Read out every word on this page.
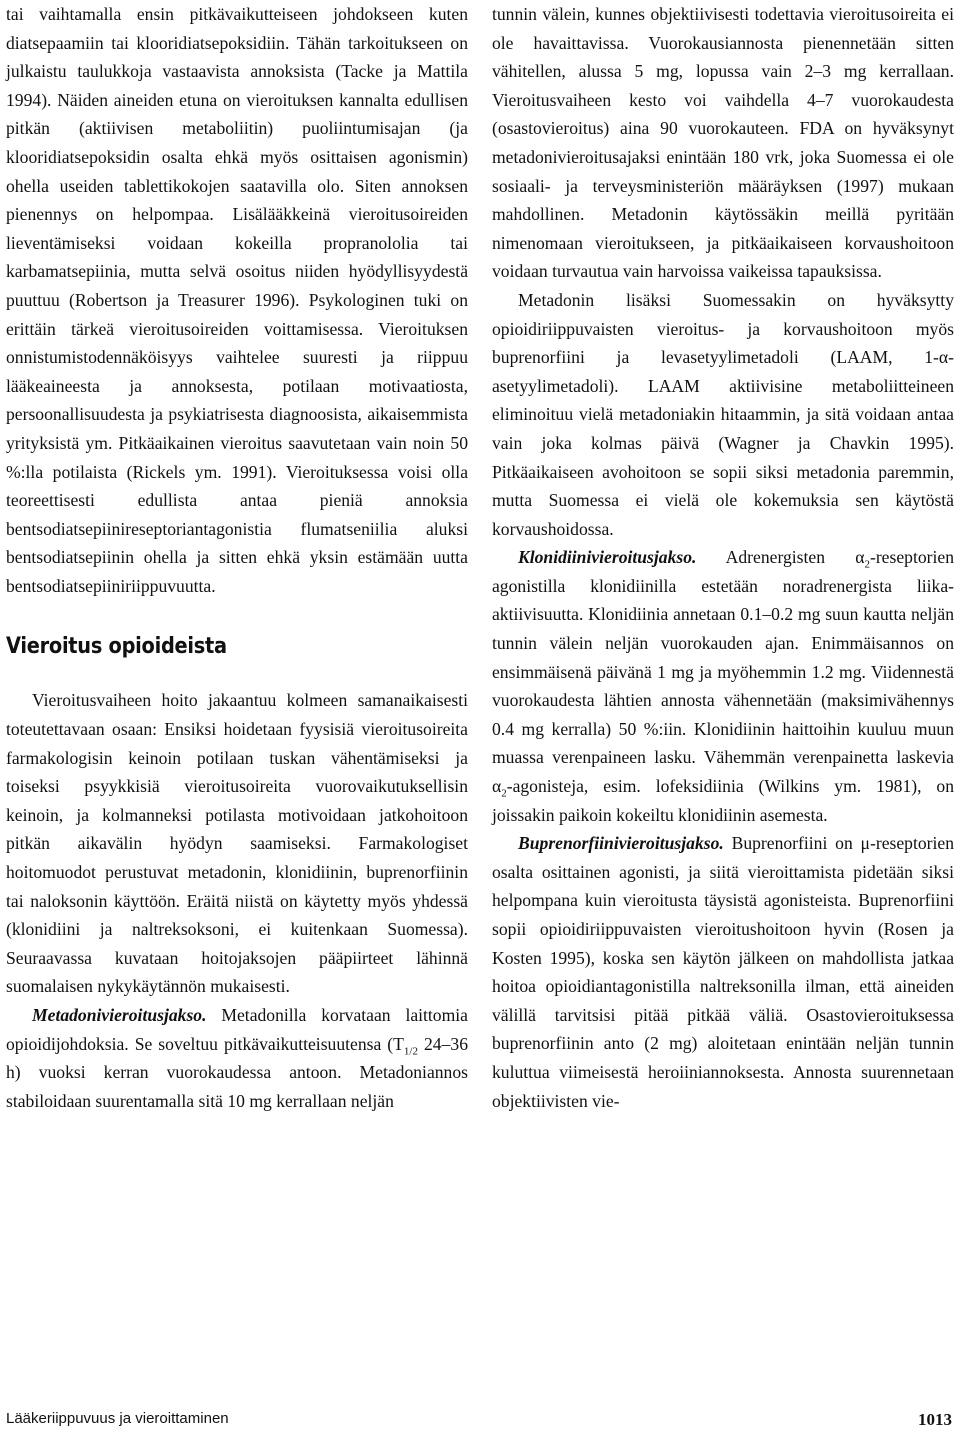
tai vaihtamalla ensin pitkävaikutteiseen johdokseen kuten diatsepaamiin tai klooridiatsepoksidiin. Tähän tarkoitukseen on julkaistu taulukkoja vastaavista annoksista (Tacke ja Mattila 1994). Näiden aineiden etuna on vieroituksen kannalta edullisen pitkän (aktiivisen metaboliitin) puoliintumisajan (ja klooridiatsepoksidin osalta ehkä myös osittaisen agonismin) ohella useiden tablettikokojen saatavilla olo. Siten annoksen pienennys on helpompaa. Lisälääkkeinä vieroitusoireiden lieventämiseksi voidaan kokeilla propranololia tai karbamatsepiinia, mutta selvä osoitus niiden hyödyllisyydestä puuttuu (Robertson ja Treasurer 1996). Psykologinen tuki on erittäin tärkeä vieroitusoireiden voittamisessa. Vieroituksen onnistumistodennäköisyys vaihtelee suuresti ja riippuu lääkeaineesta ja annoksesta, potilaan motivaatiosta, persoonallisuudesta ja psykiatrisesta diagnoosista, aikaisemmista yrityksistä ym. Pitkäaikainen vieroitus saavutetaan vain noin 50 %:lla potilaista (Rickels ym. 1991). Vieroituksessa voisi olla teoreettisesti edullista antaa pieniä annoksia bentsodiatsepiinireseptoriantagonistia flumatseniilia aluksi bentsodiatsepiinin ohella ja sitten ehkä yksin estämään uutta bentsodiatsepiiniriippuvuutta.

Vieroitus opioideista

Vieroitusvaiheen hoito jakaantuu kolmeen samanaikaisesti toteutettavaan osaan: Ensiksi hoidetaan fyysisiä vieroitusoireita farmakologisin keinoin potilaan tuskan vähentämiseksi ja toiseksi psyykkisiä vieroitusoireita vuorovaikutuksellisin keinoin, ja kolmanneksi potilasta motivoidaan jatkohoitoon pitkän aikavälin hyödyn saamiseksi. Farmakologiset hoitomuodot perustuvat metadonin, klonidiinin, buprenorfiinin tai naloksonin käyttöön. Eräitä niistä on käytetty myös yhdessä (klonidiini ja naltreksoksoni, ei kuitenkaan Suomessa). Seuraavassa kuvataan hoitojaksojen pääpiirteet lähinnä suomalaisen nykykäytännön mukaisesti.

Metadonivieroitusjakso. Metadonilla korvataan laittomia opioidijohdoksia. Se soveltuu pitkävaikutteisuutensa ($T_{1/2}$ 24–36 h) vuoksi kerran vuorokaudessa antoon. Metadoniannos stabiloidaan suurentamalla sitä 10 mg kerrallaan neljän

tunnin välein, kunnes objektiivisesti todettavia vieroitusoireita ei ole havaittavissa. Vuorokausiannosta pienennetään sitten vähitellen, alussa 5 mg, lopussa vain 2–3 mg kerrallaan. Vieroitusvaiheen kesto voi vaihdella 4–7 vuorokaudesta (osastovieroitus) aina 90 vuorokauteen. FDA on hyväksynyt metadonivieroitusajaksi enintään 180 vrk, joka Suomessa ei ole sosiaali- ja terveysministeriön määräyksen (1997) mukaan mahdollinen. Metadonin käytössäkin meillä pyritään nimenomaan vieroitukseen, ja pitkäaikaiseen korvaushoitoon voidaan turvautua vain harvoissa vaikeissa tapauksissa.

Metadonin lisäksi Suomessakin on hyväksytty opioidiriippuvaisten vieroitus- ja korvaushoitoon myös buprenorfiini ja levasetyylimetadoli (LAAM, 1-α-asetyylimetadoli). LAAM aktiivisine metaboliitteineen eliminoituu vielä metadoniakin hitaammin, ja sitä voidaan antaa vain joka kolmas päivä (Wagner ja Chavkin 1995). Pitkäaikaiseen avohoitoon se sopii siksi metadonia paremmin, mutta Suomessa ei vielä ole kokemuksia sen käytöstä korvaushoidossa.

Klonidiinivieroitusjakso. Adrenergisten $\alpha_2$-reseptorien agonistilla klonidiinilla estetään noradrenergista liika-aktiivisuutta. Klonidiinia annetaan 0.1–0.2 mg suun kautta neljän tunnin välein neljän vuorokauden ajan. Enimmäisannos on ensimmäisenä päivänä 1 mg ja myöhemmin 1.2 mg. Viidennestä vuorokaudesta lähtien annosta vähennetään (maksimivähennys 0.4 mg kerralla) 50 %:iin. Klonidiinin haittoihin kuuluu muun muassa verenpaineen lasku. Vähemmän verenpainetta laskevia $\alpha_2$-agonisteja, esim. lofeksidiinia (Wilkins ym. 1981), on joissakin paikoin kokeiltu klonidiinin asemesta.

Buprenorfiinivieroitusjakso. Buprenorfiini on μ-reseptorien osalta osittainen agonisti, ja siitä vieroittamista pidetään siksi helpompana kuin vieroitusta täysistä agonisteista. Buprenorfiini sopii opioidiriippuvaisten vieroitushoitoon hyvin (Rosen ja Kosten 1995), koska sen käytön jälkeen on mahdollista jatkaa hoitoa opioidiantagonistilla naltreksonilla ilman, että aineiden välillä tarvitsisi pitää pitkää väliä. Osastovieroituksessa buprenorfiinin anto (2 mg) aloitetaan enintään neljän tunnin kuluttua viimeisestä heroiiniannoksesta. Annosta suurennetaan objektiivisten vie-

Lääkeriippuvuus ja vieroittaminen	1013
